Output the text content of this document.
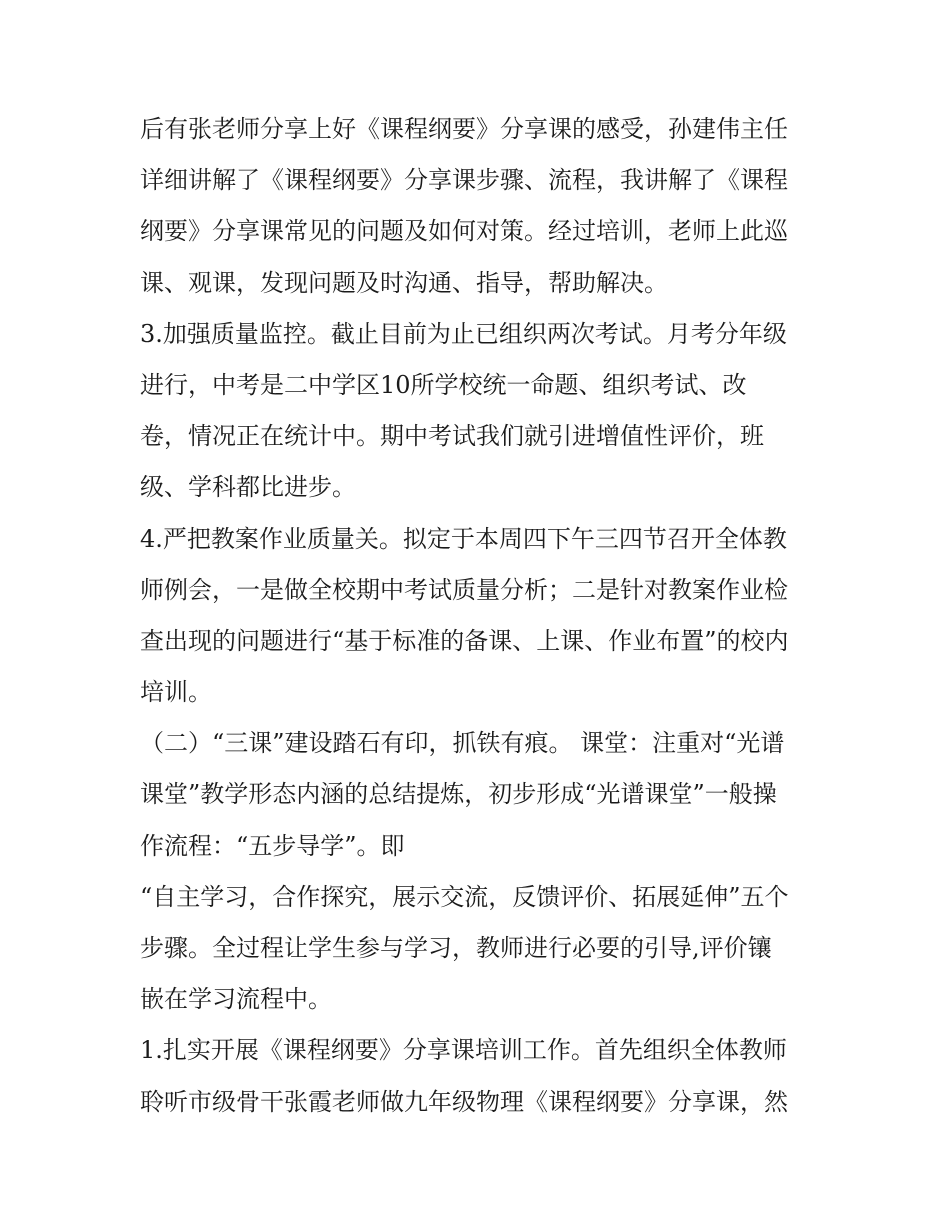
后有张老师分享上好《课程纲要》分享课的感受，孙建伟主任
详细讲解了《课程纲要》分享课步骤、流程，我讲解了《课程
纲要》分享课常见的问题及如何对策。经过培训，老师上此巡
课、观课，发现问题及时沟通、指导，帮助解决。
3.加强质量监控。截止目前为止已组织两次考试。月考分年级
进行，中考是二中学区10所学校统一命题、组织考试、改
卷，情况正在统计中。期中考试我们就引进增值性评价，班
级、学科都比进步。
4.严把教案作业质量关。拟定于本周四下午三四节召开全体教
师例会，一是做全校期中考试质量分析；二是针对教案作业检
查出现的问题进行“基于标准的备课、上课、作业布置”的校内
培训。
（二）“三课”建设踏石有印，抓铁有痕。 课堂：注重对“光谱
课堂”教学形态内涵的总结提炼，初步形成“光谱课堂”一般操
作流程：“五步导学”。即
“自主学习，合作探究，展示交流，反馈评价、拓展延伸”五个
步骤。全过程让学生参与学习，教师进行必要的引导,评价镶
嵌在学习流程中。
1.扎实开展《课程纲要》分享课培训工作。首先组织全体教师
聆听市级骨干张霞老师做九年级物理《课程纲要》分享课，然
